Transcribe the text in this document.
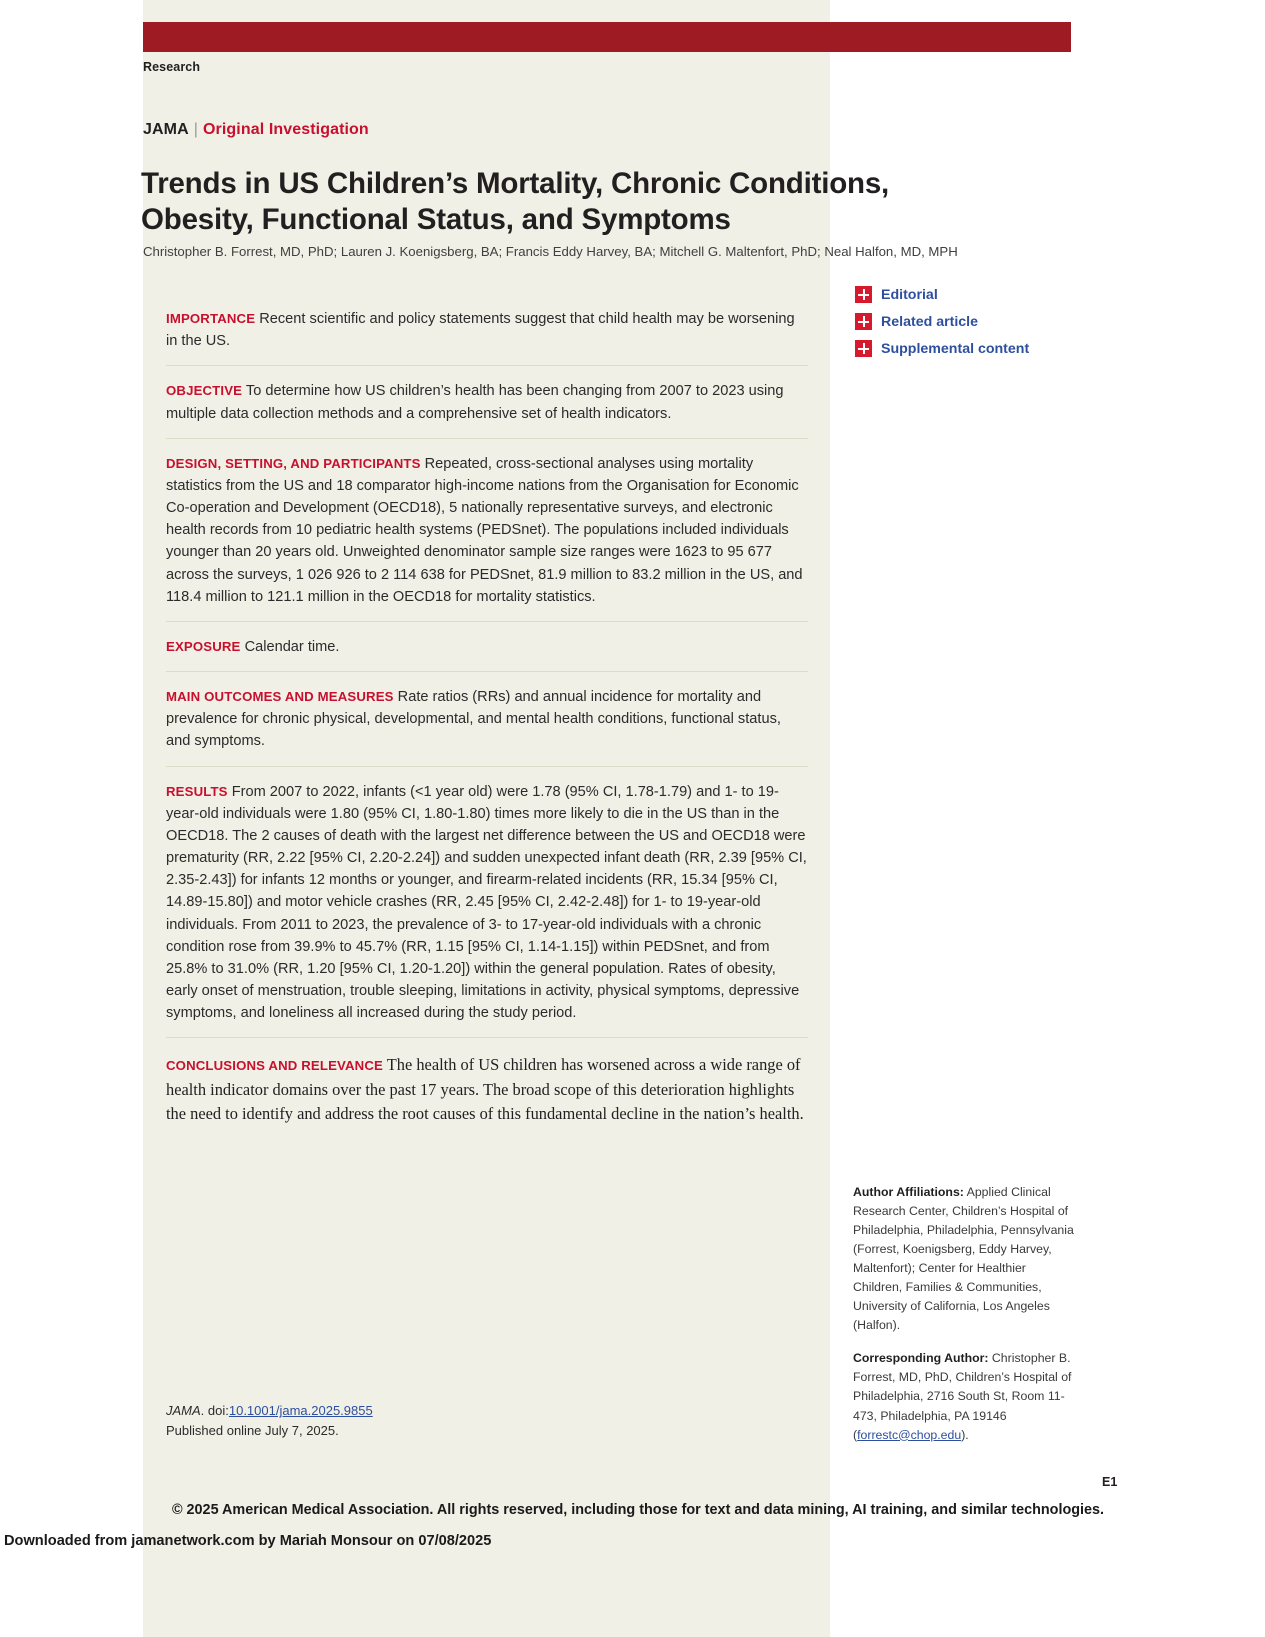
Research
JAMA | Original Investigation
Trends in US Children’s Mortality, Chronic Conditions, Obesity, Functional Status, and Symptoms
Christopher B. Forrest, MD, PhD; Lauren J. Koenigsberg, BA; Francis Eddy Harvey, BA; Mitchell G. Maltenfort, PhD; Neal Halfon, MD, MPH
IMPORTANCE Recent scientific and policy statements suggest that child health may be worsening in the US.
OBJECTIVE To determine how US children’s health has been changing from 2007 to 2023 using multiple data collection methods and a comprehensive set of health indicators.
DESIGN, SETTING, AND PARTICIPANTS Repeated, cross-sectional analyses using mortality statistics from the US and 18 comparator high-income nations from the Organisation for Economic Co-operation and Development (OECD18), 5 nationally representative surveys, and electronic health records from 10 pediatric health systems (PEDSnet). The populations included individuals younger than 20 years old. Unweighted denominator sample size ranges were 1623 to 95 677 across the surveys, 1 026 926 to 2 114 638 for PEDSnet, 81.9 million to 83.2 million in the US, and 118.4 million to 121.1 million in the OECD18 for mortality statistics.
EXPOSURE Calendar time.
MAIN OUTCOMES AND MEASURES Rate ratios (RRs) and annual incidence for mortality and prevalence for chronic physical, developmental, and mental health conditions, functional status, and symptoms.
RESULTS From 2007 to 2022, infants (<1 year old) were 1.78 (95% CI, 1.78-1.79) and 1- to 19-year-old individuals were 1.80 (95% CI, 1.80-1.80) times more likely to die in the US than in the OECD18. The 2 causes of death with the largest net difference between the US and OECD18 were prematurity (RR, 2.22 [95% CI, 2.20-2.24]) and sudden unexpected infant death (RR, 2.39 [95% CI, 2.35-2.43]) for infants 12 months or younger, and firearm-related incidents (RR, 15.34 [95% CI, 14.89-15.80]) and motor vehicle crashes (RR, 2.45 [95% CI, 2.42-2.48]) for 1- to 19-year-old individuals. From 2011 to 2023, the prevalence of 3- to 17-year-old individuals with a chronic condition rose from 39.9% to 45.7% (RR, 1.15 [95% CI, 1.14-1.15]) within PEDSnet, and from 25.8% to 31.0% (RR, 1.20 [95% CI, 1.20-1.20]) within the general population. Rates of obesity, early onset of menstruation, trouble sleeping, limitations in activity, physical symptoms, depressive symptoms, and loneliness all increased during the study period.
CONCLUSIONS AND RELEVANCE The health of US children has worsened across a wide range of health indicator domains over the past 17 years. The broad scope of this deterioration highlights the need to identify and address the root causes of this fundamental decline in the nation’s health.
Editorial
Related article
Supplemental content
Author Affiliations: Applied Clinical Research Center, Children’s Hospital of Philadelphia, Philadelphia, Pennsylvania (Forrest, Koenigsberg, Eddy Harvey, Maltenfort); Center for Healthier Children, Families & Communities, University of California, Los Angeles (Halfon).
Corresponding Author: Christopher B. Forrest, MD, PhD, Children’s Hospital of Philadelphia, 2716 South St, Room 11-473, Philadelphia, PA 19146 (forrestc@chop.edu).
JAMA. doi:10.1001/jama.2025.9855
Published online July 7, 2025.
E1
© 2025 American Medical Association. All rights reserved, including those for text and data mining, AI training, and similar technologies.
Downloaded from jamanetwork.com by Mariah Monsour on 07/08/2025
